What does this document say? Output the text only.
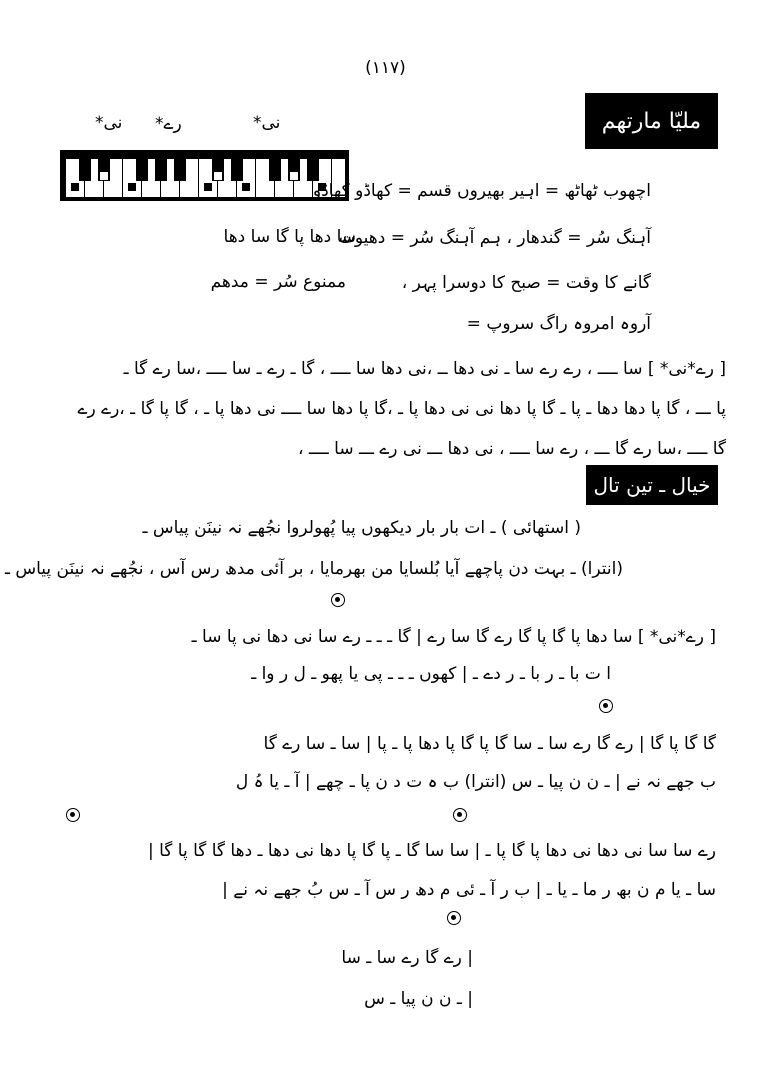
(۱۱۷)
ملیّا مارتھم
نی* رے*	نی*
اچھوب ٹھاٹھ = اہیر بھیروں قسم = کھاڈو کھاڈو
آہنگ سُر = گندھار ، ہم آہنگ سُر = دھیوت
گانے کا وقت = صبح کا دوسرا پہر ،
آروہ امروہ راگ سروپ =
ممنوع سُر = مدھم
سا دھا پا گا سا دھا
[ رے*نی* ] سا ــــ ، رے رے سا ـ نی دھا ــ ،نی دھا سا ــــ ، گا ـ رے ـ سا ــــ ،سا رے گا ـ
پا ـــ ، گا پا دھا دھا ـ پا ـ گا پا دھا نی نی دھا پا ـ ،گا پا دھا سا ــــ نی دھا پا ـ ، گا پا گا ـ ،رے رے
گا ــــ ،سا رے گا ـــ ، رے سا ــــ ، نی دھا ـــ نی رے ـــ سا ــــ ،
خیال ـ تین تال
( استھائی ) ـ ات بار بار دیکھوں پیا پُھولروا نجُھے نہ نینَن پیاس ـ
(انترا) ـ بہت دن پاچھے آیا بُلسایا من بھرمایا ، بر آئی مدھ رس آس ، نجُھے نہ نینَن پیاس ـ
[ رے*نی* ] سا دھا پا گا پا گا رے گا سا رے | گا ـ ـ ـ رے سا نی دھا نی پا سا ـ
ا ت با ـ ر با ـ ر دے ـ | کھوں ـ ـ ـ پی یا پھو ـ ل ر وا ـ
گا گا پا گا | رے گا رے سا ـ سا گا پا گا پا دھا پا ـ پا | سا ـ سا رے گا
ب جھے نہ نے | ـ ن ن پیا ـ س (انترا) ب ہ ت د ن پا ـ چھے | آ ـ یا ہُ ل
رے سا سا نی دھا نی دھا پا گا پا ـ | سا سا گا ـ پا گا پا دھا نی دھا ـ دھا گا گا پا گا |
سا ـ یا م ن بھ ر ما ـ یا ـ | ب ر آ ـ ئی م دھ ر س آ ـ س بُ جھے نہ نے |
| رے گا رے سا ـ سا
| ـ ن ن پیا ـ س
